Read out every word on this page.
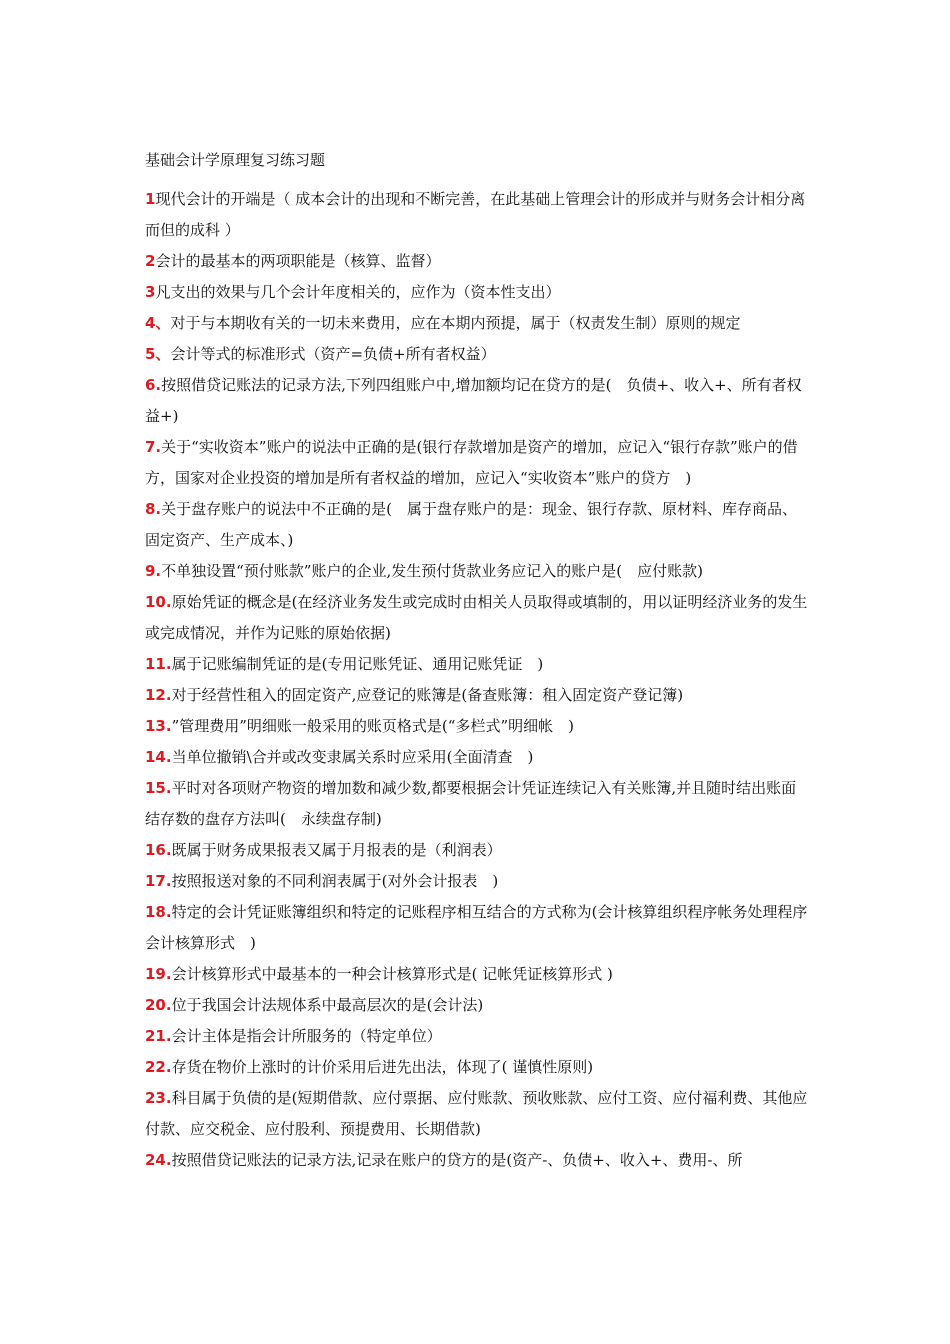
基础会计学原理复习练习题
1现代会计的开端是（ 成本会计的出现和不断完善，在此基础上管理会计的形成并与财务会计相分离而但的成科 ）
2会计的最基本的两项职能是（核算、监督）
3凡支出的效果与几个会计年度相关的，应作为（资本性支出）
4、对于与本期收有关的一切未来费用，应在本期内预提，属于（权责发生制）原则的规定
5、会计等式的标准形式（资产=负债+所有者权益）
6.按照借贷记账法的记录方法,下列四组账户中,增加额均记在贷方的是(　负债+、收入+、所有者权益+)
7.关于“实收资本”账户的说法中正确的是(银行存款增加是资产的增加，应记入“银行存款”账户的借方，国家对企业投资的增加是所有者权益的增加，应记入“实收资本”账户的贷方　)
8.关于盘存账户的说法中不正确的是(　属于盘存账户的是：现金、银行存款、原材料、库存商品、固定资产、生产成本、)
9.不单独设置“预付账款”账户的企业,发生预付货款业务应记入的账户是(　应付账款)
10.原始凭证的概念是(在经济业务发生或完成时由相关人员取得或填制的，用以证明经济业务的发生或完成情况，并作为记账的原始依据)
11.属于记账编制凭证的是(专用记账凭证、通用记账凭证　)
12.对于经营性租入的固定资产,应登记的账簿是(备查账簿：租入固定资产登记簿)
13.”管理费用”明细账一般采用的账页格式是(“多栏式”明细帐　)
14.当单位撤销\合并或改变隶属关系时应采用(全面清查　)
15.平时对各项财产物资的增加数和减少数,都要根据会计凭证连续记入有关账簿,并且随时结出账面结存数的盘存方法叫(　永续盘存制)
16.既属于财务成果报表又属于月报表的是（利润表）
17.按照报送对象的不同利润表属于(对外会计报表　)
18.特定的会计凭证账簿组织和特定的记账程序相互结合的方式称为(会计核算组织程序帐务处理程序会计核算形式　)
19.会计核算形式中最基本的一种会计核算形式是( 记帐凭证核算形式 )
20.位于我国会计法规体系中最高层次的是(会计法)
21.会计主体是指会计所服务的（特定单位）
22.存货在物价上涨时的计价采用后进先出法，体现了( 谨慎性原则)
23.科目属于负债的是(短期借款、应付票据、应付账款、预收账款、应付工资、应付福利费、其他应付款、应交税金、应付股利、预提费用、长期借款)
24.按照借贷记账法的记录方法,记录在账户的贷方的是(资产-、负债+、收入+、费用-、所
